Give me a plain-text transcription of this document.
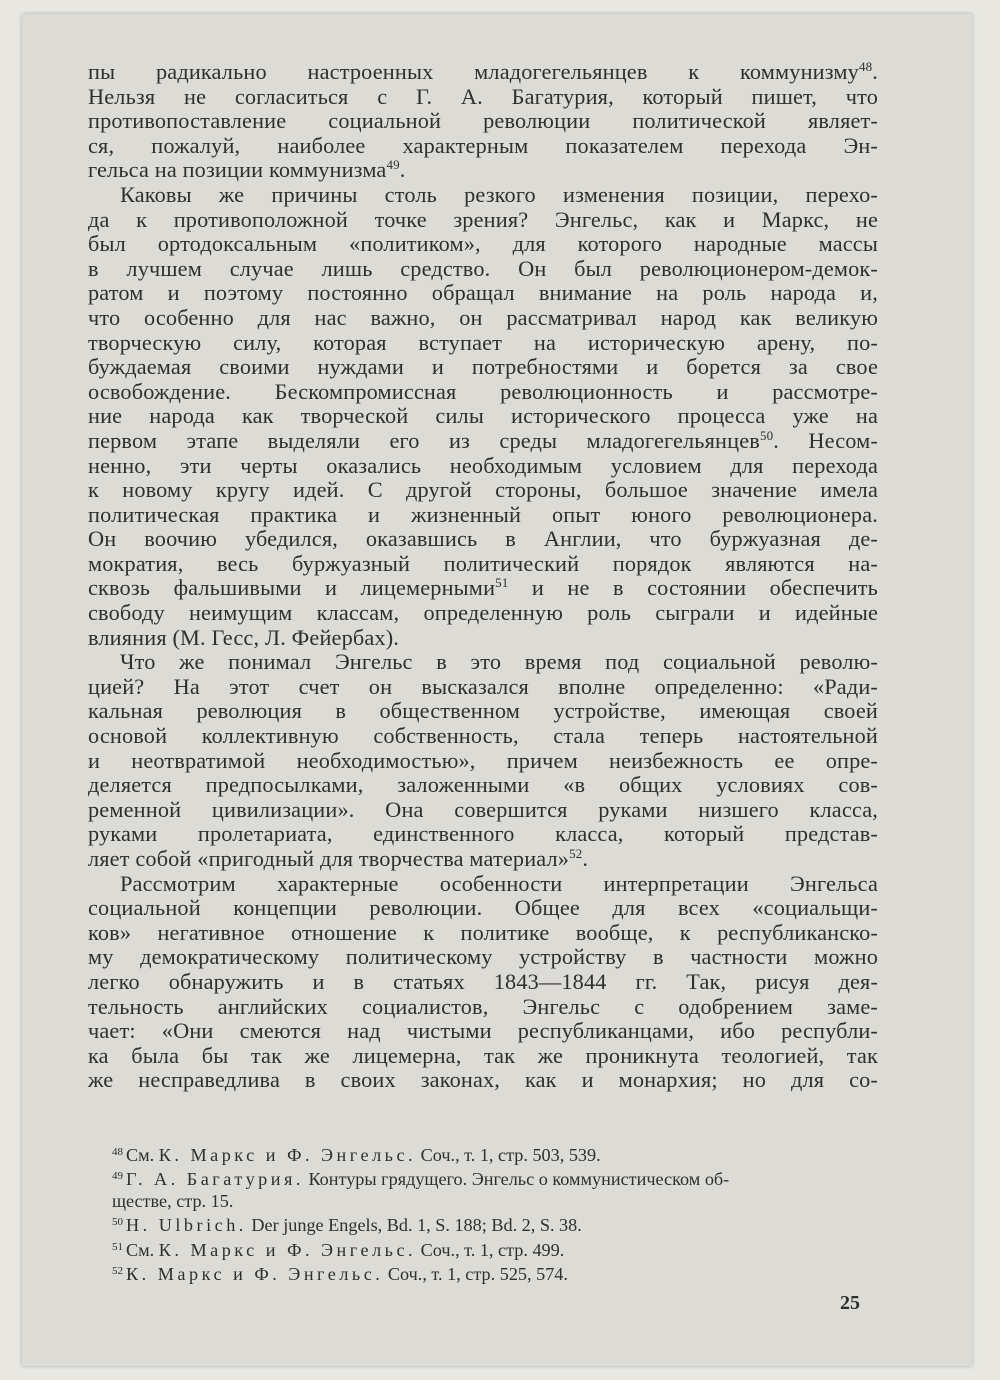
пы радикально настроенных младогегельянцев к коммунизму$^{48}$.
Нельзя не согласиться с Г. А. Багатурия, который пишет, что
противопоставление социальной революции политической являет-
ся, пожалуй, наиболее характерным показателем перехода Эн-
гельса на позиции коммунизма$^{49}$.

Каковы же причины столь резкого изменения позиции, перехо-
да к противоположной точке зрения? Энгельс, как и Маркс, не
был ортодоксальным «политиком», для которого народные массы
в лучшем случае лишь средство. Он был революционером-демок-
ратом и поэтому постоянно обращал внимание на роль народа и,
что особенно для нас важно, он рассматривал народ как великую
творческую силу, которая вступает на историческую арену, по-
буждаемая своими нуждами и потребностями и борется за свое
освобождение. Бескомпромиссная революционность и рассмотре-
ние народа как творческой силы исторического процесса уже на
первом этапе выделяли его из среды младогегельянцев$^{50}$. Несом-
ненно, эти черты оказались необходимым условием для перехода
к новому кругу идей. С другой стороны, большое значение имела
политическая практика и жизненный опыт юного революционера.
Он воочию убедился, оказавшись в Англии, что буржуазная де-
мократия, весь буржуазный политический порядок являются на-
сквозь фальшивыми и лицемерными$^{51}$ и не в состоянии обеспечить
свободу неимущим классам, определенную роль сыграли и идейные
влияния (М. Гесс, Л. Фейербах).

Что же понимал Энгельс в это время под социальной револю-
цией? На этот счет он высказался вполне определенно: «Ради-
кальная революция в общественном устройстве, имеющая своей
основой коллективную собственность, стала теперь настоятельной
и неотвратимой необходимостью», причем неизбежность ее опре-
деляется предпосылками, заложенными «в общих условиях сов-
ременной цивилизации». Она совершится руками низшего класса,
руками пролетариата, единственного класса, который представ-
ляет собой «пригодный для творчества материал»$^{52}$.

Рассмотрим характерные особенности интерпретации Энгельса
социальной концепции революции. Общее для всех «социальщи-
ков» негативное отношение к политике вообще, к республиканско-
му демократическому политическому устройству в частности можно
легко обнаружить и в статьях 1843—1844 гг. Так, рисуя дея-
тельность английских социалистов, Энгельс с одобрением заме-
чает: «Они смеются над чистыми республиканцами, ибо республи-
ка была бы так же лицемерна, так же проникнута теологией, так
же несправедлива в своих законах, как и монархия; но для со-

48 См. К. Маркс и Ф. Энгельс. Соч., т. 1, стр. 503, 539.
49 Г. А. Багатурия. Контуры грядущего. Энгельс о коммунистическом об-
ществе, стр. 15.
50 H. Ulbrich. Der junge Engels, Bd. 1, S. 188; Bd. 2, S. 38.
51 См. К. Маркс и Ф. Энгельс. Соч., т. 1, стр. 499.
52 К. Маркс и Ф. Энгельс. Соч., т. 1, стр. 525, 574.
25
